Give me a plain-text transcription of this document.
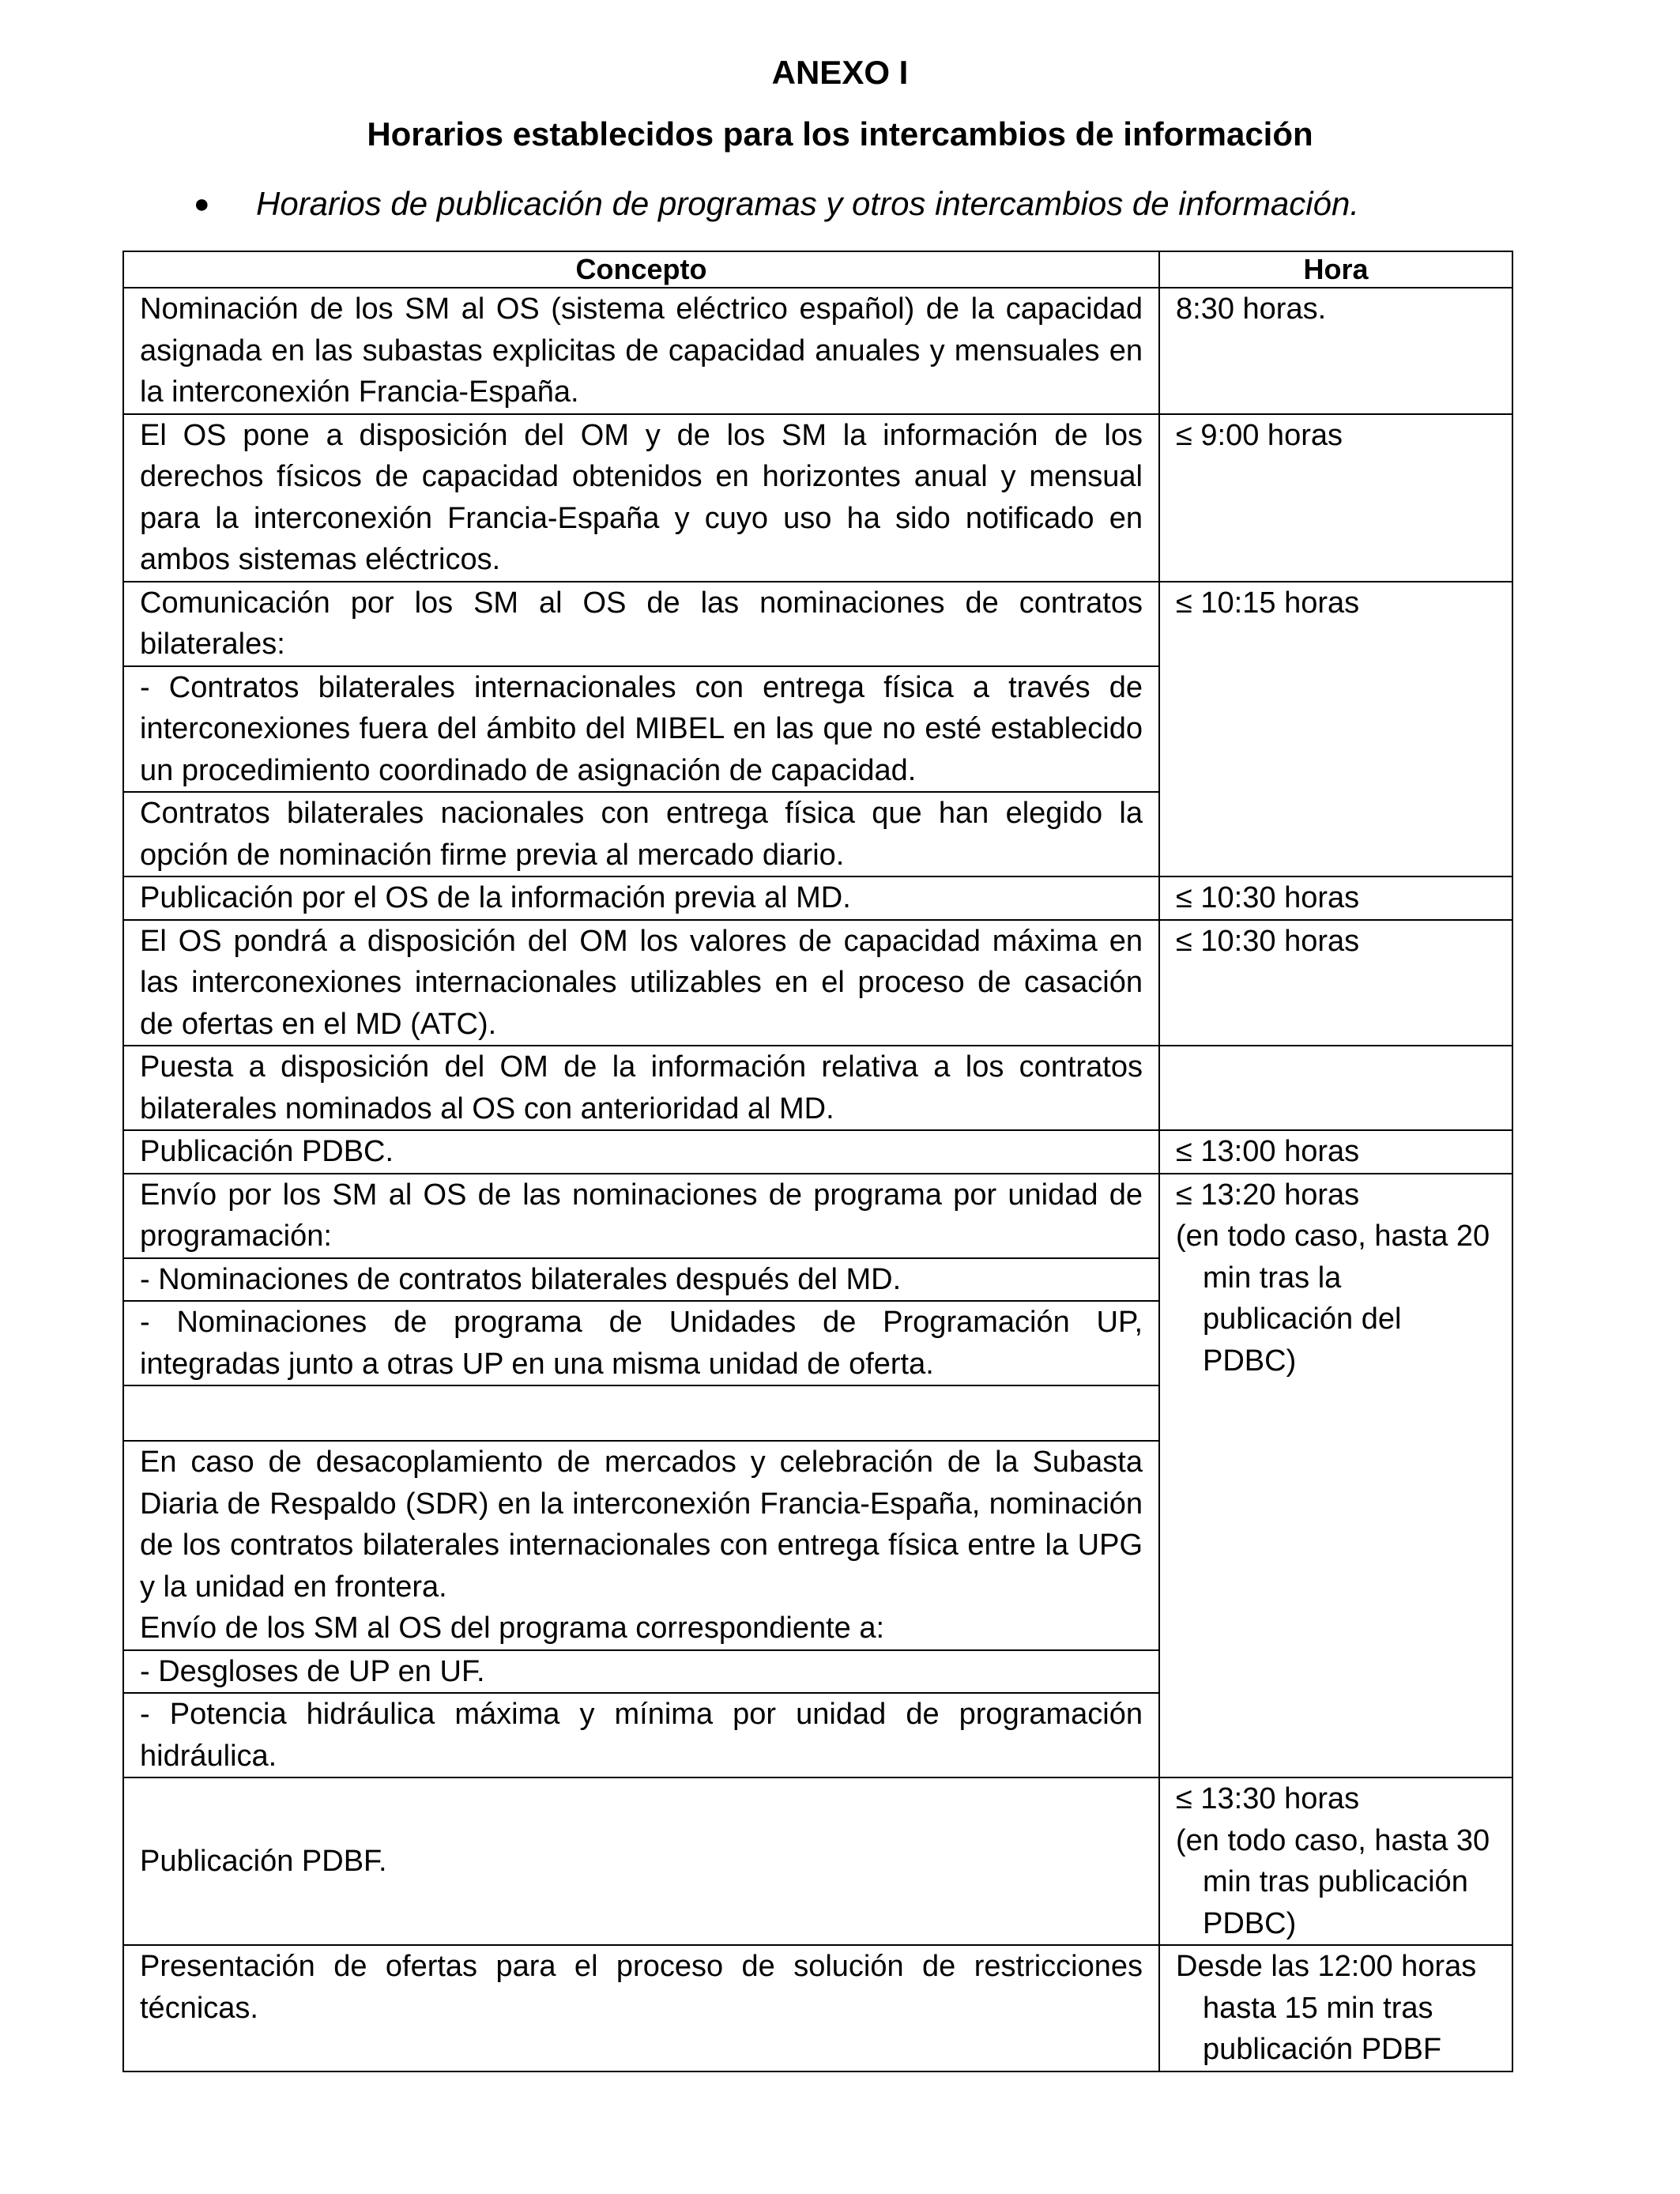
ANEXO I
Horarios establecidos para los intercambios de información
● Horarios de publicación de programas y otros intercambios de información.
Concepto	Hora
Nominación de los SM al OS (sistema eléctrico español) de la capacidad asignada en las subastas explicitas de capacidad anuales y mensuales en la interconexión Francia-España.	8:30 horas.
El OS pone a disposición del OM y de los SM la información de los derechos físicos de capacidad obtenidos en horizontes anual y mensual para la interconexión Francia-España y cuyo uso ha sido notificado en ambos sistemas eléctricos.	≤ 9:00 horas
Comunicación por los SM al OS de las nominaciones de contratos bilaterales:	≤ 10:15 horas
- Contratos bilaterales internacionales con entrega física a través de interconexiones fuera del ámbito del MIBEL en las que no esté establecido un procedimiento coordinado de asignación de capacidad.	
Contratos bilaterales nacionales con entrega física que han elegido la opción de nominación firme previa al mercado diario.	
Publicación por el OS de la información previa al MD.	≤ 10:30 horas
El OS pondrá a disposición del OM los valores de capacidad máxima en las interconexiones internacionales utilizables en el proceso de casación de ofertas en el MD (ATC).	≤ 10:30 horas
Puesta a disposición del OM de la información relativa a los contratos bilaterales nominados al OS con anterioridad al MD.	
Publicación PDBC.	≤ 13:00 horas
Envío por los SM al OS de las nominaciones de programa por unidad de programación:	≤ 13:20 horas
(en todo caso, hasta 20 min tras la publicación del PDBC)

- Nominaciones de contratos bilaterales después del MD.	
- Nominaciones de programa de Unidades de Programación UP, integradas junto a otras UP en una misma unidad de oferta.	

En caso de desacoplamiento de mercados y celebración de la Subasta Diaria de Respaldo (SDR) en la interconexión Francia-España, nominación de los contratos bilaterales internacionales con entrega física entre la UPG y la unidad en frontera.
Envío de los SM al OS del programa correspondiente a:	

- Desgloses de UP en UF.	
- Potencia hidráulica máxima y mínima por unidad de programación hidráulica.	
Publicación PDBF.	≤ 13:30 horas
(en todo caso, hasta 30 min tras publicación PDBC)

Presentación de ofertas para el proceso de solución de restricciones técnicas.	Desde las 12:00 horas hasta 15 min tras publicación PDBF
